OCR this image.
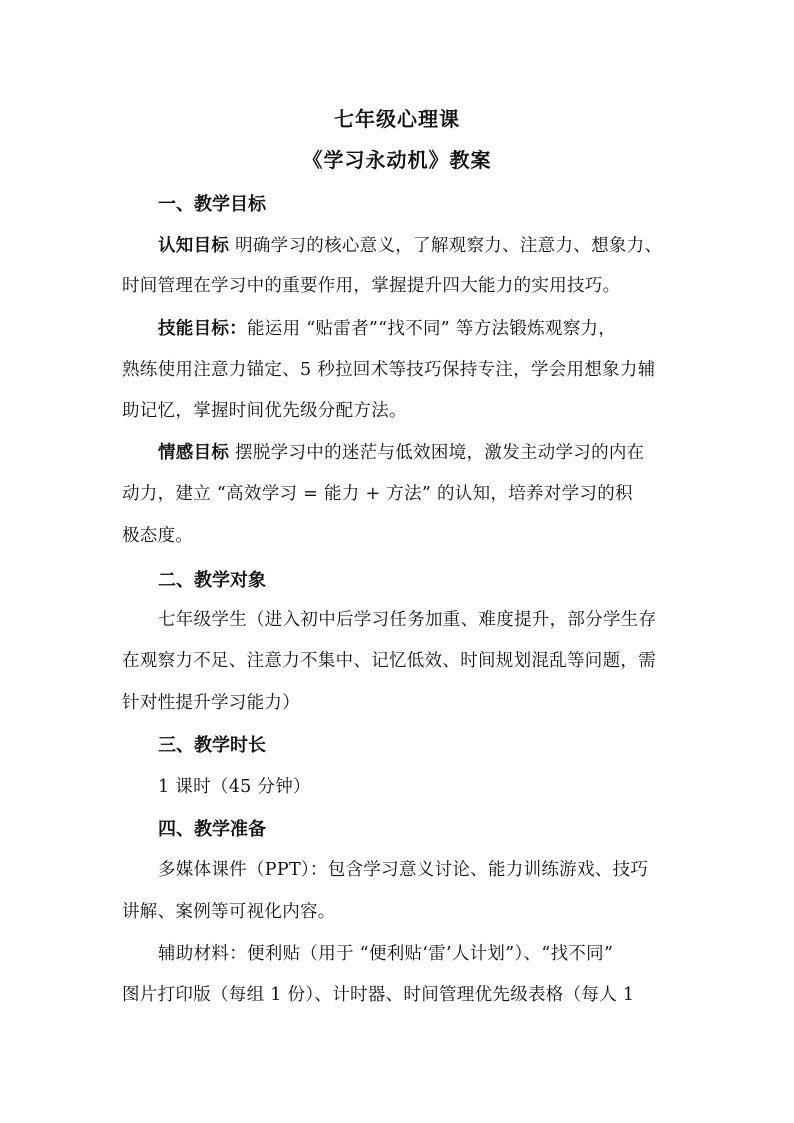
七年级心理课
《学习永动机》教案
一、教学目标
认知目标 明确学习的核心意义，了解观察力、注意力、想象力、
时间管理在学习中的重要作用，掌握提升四大能力的实用技巧。
技能目标：能运用 “贴雷者”“找不同” 等方法锻炼观察力，
熟练使用注意力锚定、5 秒拉回术等技巧保持专注，学会用想象力辅
助记忆，掌握时间优先级分配方法。
情感目标 摆脱学习中的迷茫与低效困境，激发主动学习的内在
动力，建立 “高效学习 = 能力 + 方法” 的认知，培养对学习的积
极态度。
二、教学对象
七年级学生（进入初中后学习任务加重、难度提升，部分学生存
在观察力不足、注意力不集中、记忆低效、时间规划混乱等问题，需
针对性提升学习能力）
三、教学时长
1 课时（45 分钟）
四、教学准备
多媒体课件（PPT）：包含学习意义讨论、能力训练游戏、技巧
讲解、案例等可视化内容。
辅助材料：便利贴（用于 “便利贴‘雷’人计划”）、“找不同”
图片打印版（每组 1 份）、计时器、时间管理优先级表格（每人 1
